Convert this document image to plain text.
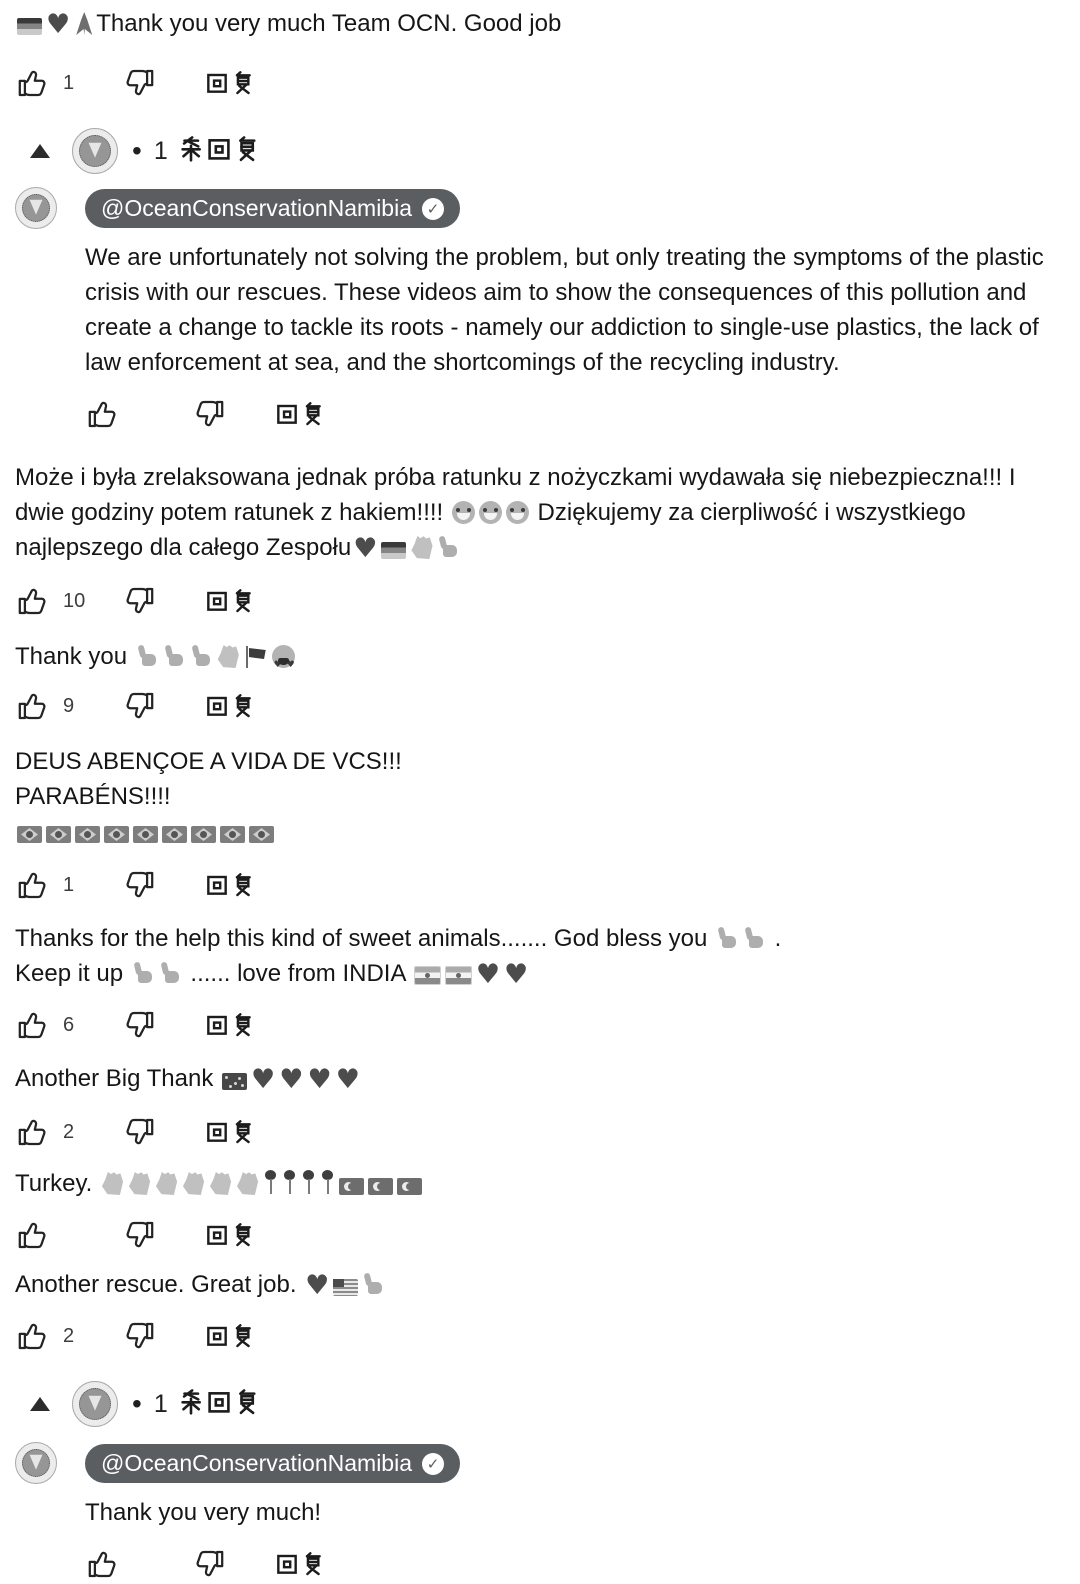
♥Thank you very much Team OCN. Good job
1
• 1
@OceanConservationNamibia ✓
We are unfortunately not solving the problem, but only treating the symptoms of the plastic crisis with our rescues. These videos aim to show the consequences of this pollution and create a change to tackle its roots - namely our addiction to single-use plastics, the lack of law enforcement at sea, and the shortcomings of the recycling industry.
Może i była zrelaksowana jednak próba ratunku z nożyczkami wydawała się niebezpieczna!!! I dwie godziny potem ratunek z hakiem!!!!	Dziękujemy za cierpliwość i wszystkiego najlepszego dla całego Zespołu♥
10
Thank you ♥ ♥
9
DEUS ABENÇOE A VIDA DE VCS!!!
PARABÉNS!!!!
1
Thanks for the help this kind of sweet animals....... God bless you  .
Keep it up  ...... love from INDIA ♥♥
6
Another Big Thank ♥♥♥♥
2
Turkey.
Another rescue. Great job. ♥
2
• 1
@OceanConservationNamibia ✓
Thank you very much!
